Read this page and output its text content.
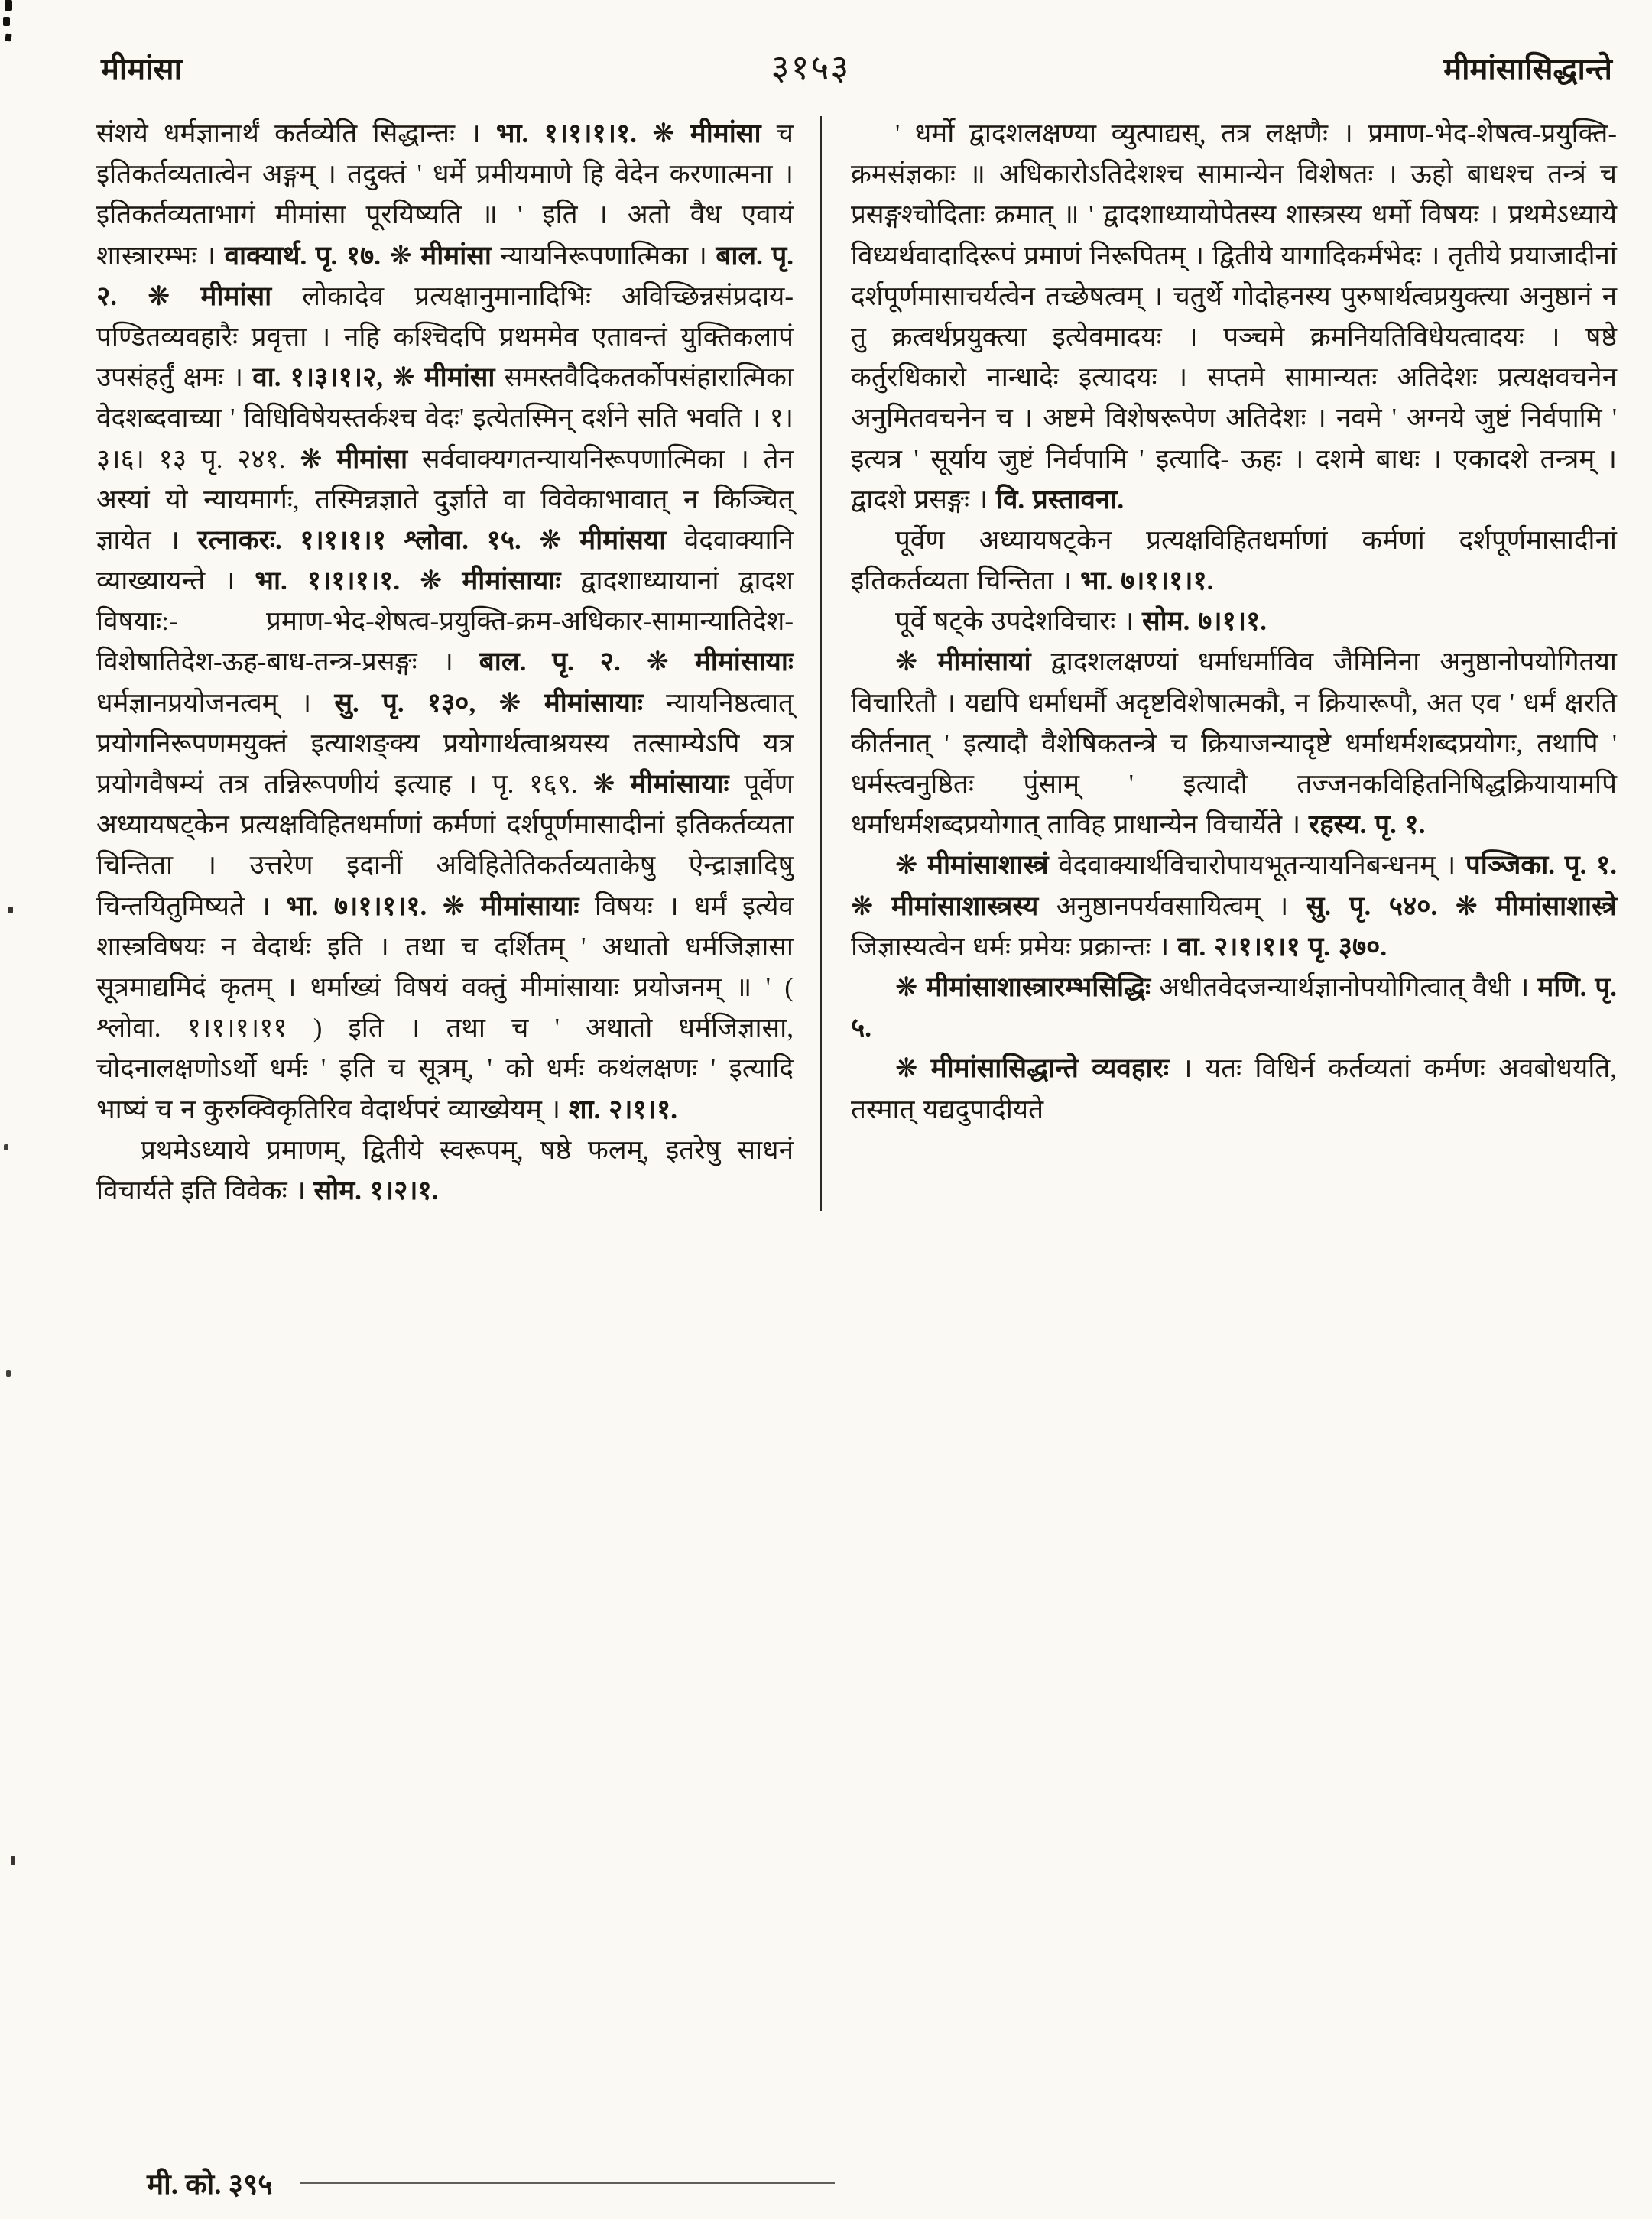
मीमांसा	३१५३	मीमांसासिद्धान्ते

संशये धर्मज्ञानार्थं कर्तव्येति सिद्धान्तः । भा. १।१।१।१. ❋ मीमांसा च इतिकर्तव्यतात्वेन अङ्गम् । तदुक्तं ' धर्मे प्रमीयमाणे हि वेदेन करणात्मना । इतिकर्तव्यताभागं मीमांसा पूरयिष्यति ॥ ' इति । अतो वैध एवायं शास्त्रारम्भः । वाक्यार्थ. पृ. १७. ❋ मीमांसा न्यायनिरूपणात्मिका । बाल. पृ. २. ❋ मीमांसा लोकादेव प्रत्यक्षानुमानादिभिः अविच्छिन्नसंप्रदाय-पण्डितव्यवहारैः प्रवृत्ता । नहि कश्चिदपि प्रथममेव एतावन्तं युक्तिकलापं उपसंहर्तुं क्षमः । वा. १।३।१।२, ❋ मीमांसा समस्तवैदिकतर्कोपसंहारात्मिका वेदशब्दवाच्या ' विधिविषेयस्तर्कश्च वेदः' इत्येतस्मिन् दर्शने सति भवति । १।३।६। १३ पृ. २४१. ❋ मीमांसा सर्ववाक्यगतन्यायनिरूपणात्मिका । तेन अस्यां यो न्यायमार्गः, तस्मिन्नज्ञाते दुर्ज्ञाते वा विवेकाभावात् न किञ्चित् ज्ञायेत । रत्नाकरः. १।१।१।१ श्लोवा. १५. ❋ मीमांसया वेदवाक्यानि व्याख्यायन्ते । भा. १।१।१।१. ❋ मीमांसायाः द्वादशाध्यायानां द्वादश विषयाः:- प्रमाण-भेद-शेषत्व-प्रयुक्ति-क्रम-अधिकार-सामान्यातिदेश-विशेषातिदेश-ऊह-बाध-तन्त्र-प्रसङ्गः । बाल. पृ. २. ❋ मीमांसायाः धर्मज्ञानप्रयोजनत्वम् । सु. पृ. १३०, ❋ मीमांसायाः न्यायनिष्ठत्वात् प्रयोगनिरूपणमयुक्तं इत्याशङ्क्य प्रयोगार्थत्वाश्रयस्य तत्साम्येऽपि यत्र प्रयोगवैषम्यं तत्र तन्निरूपणीयं इत्याह । पृ. १६९. ❋ मीमांसायाः पूर्वेण अध्यायषट्केन प्रत्यक्षविहितधर्माणां कर्मणां दर्शपूर्णमासादीनां इतिकर्तव्यता चिन्तिता । उत्तरेण इदानीं अविहितेतिकर्तव्यताकेषु ऐन्द्राज्ञादिषु चिन्तयितुमिष्यते । भा. ७।१।१।१. ❋ मीमांसायाः विषयः । धर्मं इत्येव शास्त्रविषयः न वेदार्थः इति । तथा च दर्शितम् ' अथातो धर्मजिज्ञासा सूत्रमाद्यमिदं कृतम् । धर्माख्यं विषयं वक्तुं मीमांसायाः प्रयोजनम् ॥ ' ( श्लोवा. १।१।१।११ ) इति । तथा च ' अथातो धर्मजिज्ञासा, चोदनालक्षणोऽर्थो धर्मः ' इति च सूत्रम्, ' को धर्मः कथंलक्षणः ' इत्यादि भाष्यं च न कुरुक्विकृतिरिव वेदार्थपरं व्याख्येयम् । शा. २।१।१.

प्रथमेऽध्याये प्रमाणम्, द्वितीये स्वरूपम्, षष्ठे फलम्, इतरेषु साधनं विचार्यते इति विवेकः । सोम. १।२।१.

' धर्मो द्वादशलक्षण्या व्युत्पाद्यस्, तत्र लक्षणैः । प्रमाण-भेद-शेषत्व-प्रयुक्ति-क्रमसंज्ञकाः ॥ अधिकारोऽतिदेशश्च सामान्येन विशेषतः । ऊहो बाधश्च तन्त्रं च प्रसङ्गश्चोदिताः क्रमात् ॥ ' द्वादशाध्यायोपेतस्य शास्त्रस्य धर्मो विषयः । प्रथमेऽध्याये विध्यर्थवादादिरूपं प्रमाणं निरूपितम् । द्वितीये यागादिकर्मभेदः । तृतीये प्रयाजादीनां दर्शपूर्णमासाचर्यत्वेन तच्छेषत्वम् । चतुर्थे गोदोहनस्य पुरुषार्थत्वप्रयुक्त्या अनुष्ठानं न तु क्रत्वर्थप्रयुक्त्या इत्येवमादयः । पञ्चमे क्रमनियतिविधेयत्वादयः । षष्ठे कर्तुरधिकारो नान्धादेः इत्यादयः । सप्तमे सामान्यतः अतिदेशः प्रत्यक्षवचनेन अनुमितवचनेन च । अष्टमे विशेषरूपेण अतिदेशः । नवमे ' अग्नये जुष्टं निर्वपामि ' इत्यत्र ' सूर्याय जुष्टं निर्वपामि ' इत्यादि- ऊहः । दशमे बाधः । एकादशे तन्त्रम् । द्वादशे प्रसङ्गः । वि. प्रस्तावना.

पूर्वेण अध्यायषट्केन प्रत्यक्षविहितधर्माणां कर्मणां दर्शपूर्णमासादीनां इतिकर्तव्यता चिन्तिता । भा. ७।१।१।१.

पूर्वे षट्के उपदेशविचारः । सोम. ७।१।१.

❋ मीमांसायां द्वादशलक्षण्यां धर्माधर्माविव जैमिनिना अनुष्ठानोपयोगितया विचारितौ । यद्यपि धर्माधर्मौ अदृष्टविशेषात्मकौ, न क्रियारूपौ, अत एव ' धर्मं क्षरति कीर्तनात् ' इत्यादौ वैशेषिकतन्त्रे च क्रियाजन्यादृष्टे धर्माधर्मशब्दप्रयोगः, तथापि ' धर्मस्त्वनुष्ठितः पुंसाम् ' इत्यादौ तज्जनकविहितनिषिद्धक्रियायामपि धर्माधर्मशब्दप्रयोगात् ताविह प्राधान्येन विचार्येते । रहस्य. पृ. १.

❋ मीमांसाशास्त्रं वेदवाक्यार्थविचारोपायभूतन्यायनिबन्धनम् । पञ्जिका. पृ. १. ❋ मीमांसाशास्त्रस्य अनुष्ठानपर्यवसायित्वम् । सु. पृ. ५४०. ❋ मीमांसाशास्त्रे जिज्ञास्यत्वेन धर्मः प्रमेयः प्रक्रान्तः । वा. २।१।१।१ पृ. ३७०.

❋ मीमांसाशास्त्रारम्भसिद्धिः अधीतवेदजन्यार्थज्ञानोपयोगित्वात् वैधी । मणि. पृ. ५.

❋ मीमांसासिद्धान्ते व्यवहारः । यतः विधिर्न कर्तव्यतां कर्मणः अवबोधयति, तस्मात् यद्यदुपादीयते

मी. को. ३९५
